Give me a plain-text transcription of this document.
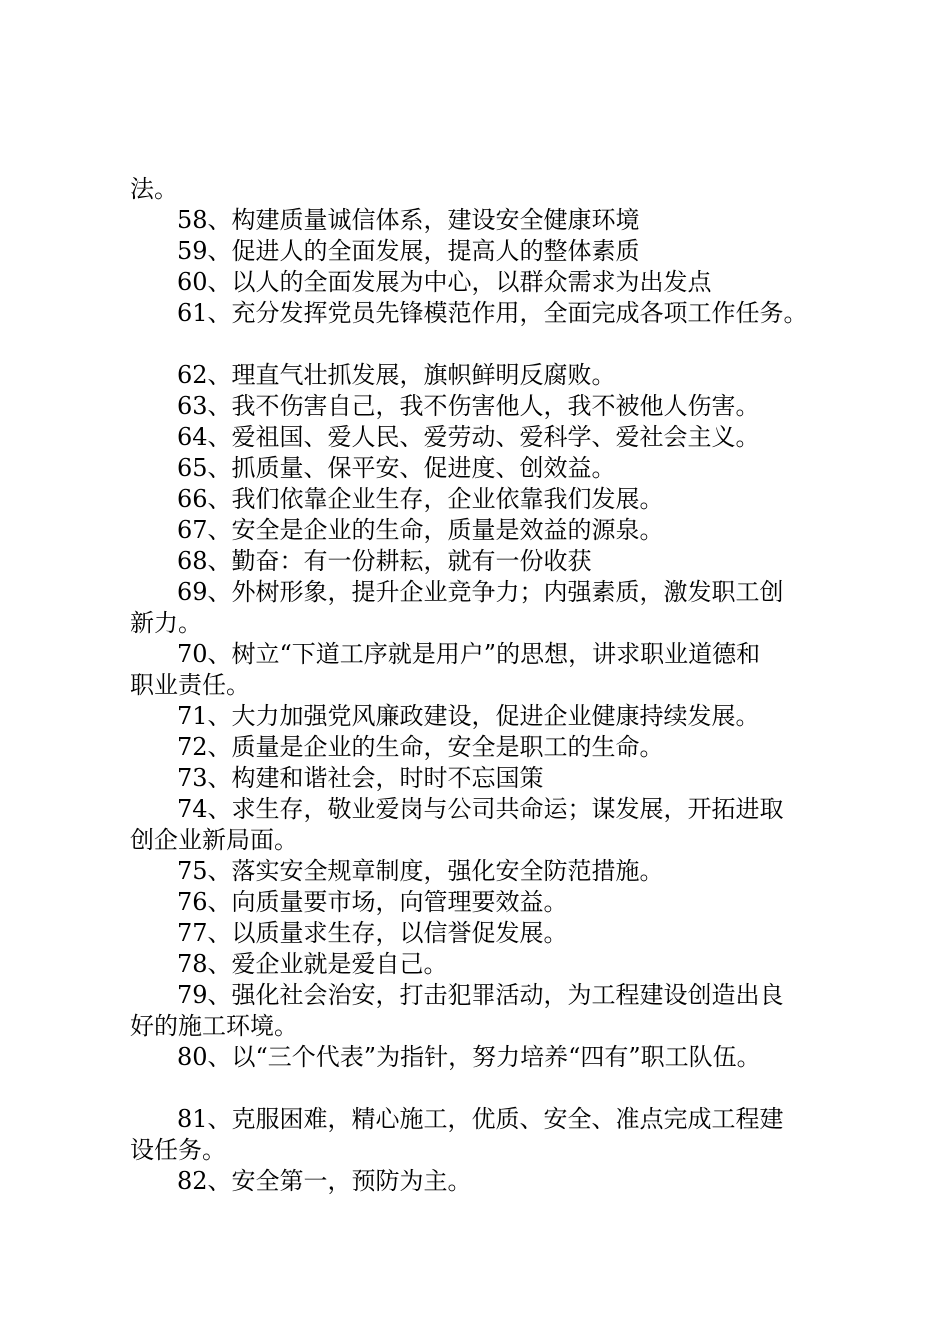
法。

58、构建质量诚信体系，建设安全健康环境

59、促进人的全面发展，提高人的整体素质

60、以人的全面发展为中心，以群众需求为出发点

61、充分发挥党员先锋模范作用，全面完成各项工作任务。

62、理直气壮抓发展，旗帜鲜明反腐败。

63、我不伤害自己，我不伤害他人，我不被他人伤害。

64、爱祖国、爱人民、爱劳动、爱科学、爱社会主义。

65、抓质量、保平安、促进度、创效益。

66、我们依靠企业生存，企业依靠我们发展。

67、安全是企业的生命，质量是效益的源泉。

68、勤奋：有一份耕耘，就有一份收获

69、外树形象，提升企业竞争力；内强素质，激发职工创

新力。

70、树立“下道工序就是用户”的思想，讲求职业道德和

职业责任。

71、大力加强党风廉政建设，促进企业健康持续发展。

72、质量是企业的生命，安全是职工的生命。

73、构建和谐社会，时时不忘国策

74、求生存，敬业爱岗与公司共命运；谋发展，开拓进取

创企业新局面。

75、落实安全规章制度，强化安全防范措施。

76、向质量要市场，向管理要效益。

77、以质量求生存，以信誉促发展。

78、爱企业就是爱自己。

79、强化社会治安，打击犯罪活动，为工程建设创造出良

好的施工环境。

80、以“三个代表”为指针，努力培养“四有”职工队伍。

81、克服困难，精心施工，优质、安全、准点完成工程建

设任务。

82、安全第一，预防为主。
